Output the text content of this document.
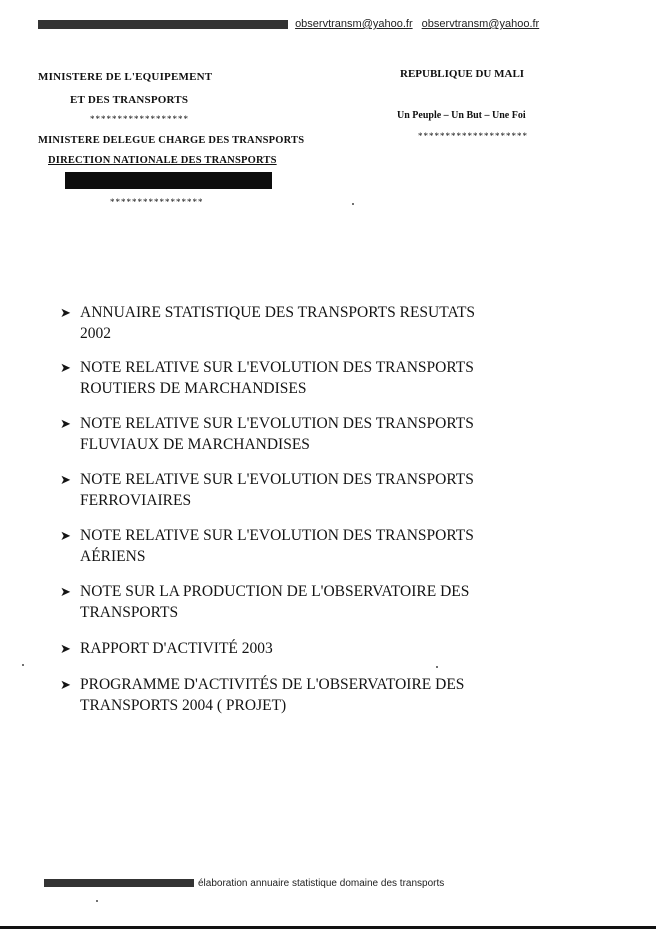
observtransm@yahoo.fr observtransm@yahoo.fr
MINISTERE DE L'EQUIPEMENT
ET DES TRANSPORTS
******************
MINISTERE DELEGUE CHARGE DES TRANSPORTS
DIRECTION NATIONALE DES TRANSPORTS
*****************
REPUBLIQUE DU MALI
Un Peuple – Un But – Une Foi
********************
➤ ANNUAIRE STATISTIQUE DES TRANSPORTS RESUTATS
2002
➤ NOTE RELATIVE SUR L'EVOLUTION DES TRANSPORTS
ROUTIERS DE MARCHANDISES
➤ NOTE RELATIVE SUR L'EVOLUTION DES TRANSPORTS
FLUVIAUX DE MARCHANDISES
➤ NOTE RELATIVE SUR L'EVOLUTION DES TRANSPORTS
FERROVIAIRES
➤ NOTE RELATIVE SUR L'EVOLUTION DES TRANSPORTS
AÉRIENS
➤ NOTE SUR LA PRODUCTION DE L'OBSERVATOIRE DES
TRANSPORTS
➤ RAPPORT D'ACTIVITÉ 2003
➤ PROGRAMME D'ACTIVITÉS DE L'OBSERVATOIRE DES
TRANSPORTS 2004 ( PROJET)
élaboration annuaire statistique domaine des transports
